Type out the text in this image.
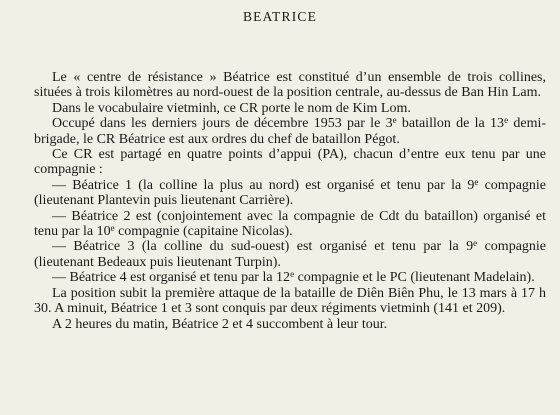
BEATRICE

Le « centre de résistance » Béatrice est constitué d’un ensemble de trois collines, situées à trois kilomètres au nord-ouest de la position centrale, au-dessus de Ban Hin Lam.

Dans le vocabulaire vietminh, ce CR porte le nom de Kim Lom.

Occupé dans les derniers jours de décembre 1953 par le 3e bataillon de la 13e demi-brigade, le CR Béatrice est aux ordres du chef de bataillon Pégot.

Ce CR est partagé en quatre points d’appui (PA), chacun d’entre eux tenu par une compagnie :

— Béatrice 1 (la colline la plus au nord) est organisé et tenu par la 9e compagnie (lieutenant Plantevin puis lieutenant Carrière).

— Béatrice 2 est (conjointement avec la compagnie de Cdt du bataillon) organisé et tenu par la 10e compagnie (capitaine Nicolas).

— Béatrice 3 (la colline du sud-ouest) est organisé et tenu par la 9e compagnie (lieutenant Bedeaux puis lieutenant Turpin).

— Béatrice 4 est organisé et tenu par la 12e compagnie et le PC (lieutenant Madelain).

La position subit la première attaque de la bataille de Diên Biên Phu, le 13 mars à 17 h 30. A minuit, Béatrice 1 et 3 sont conquis par deux régiments vietminh (141 et 209).

A 2 heures du matin, Béatrice 2 et 4 succombent à leur tour.
